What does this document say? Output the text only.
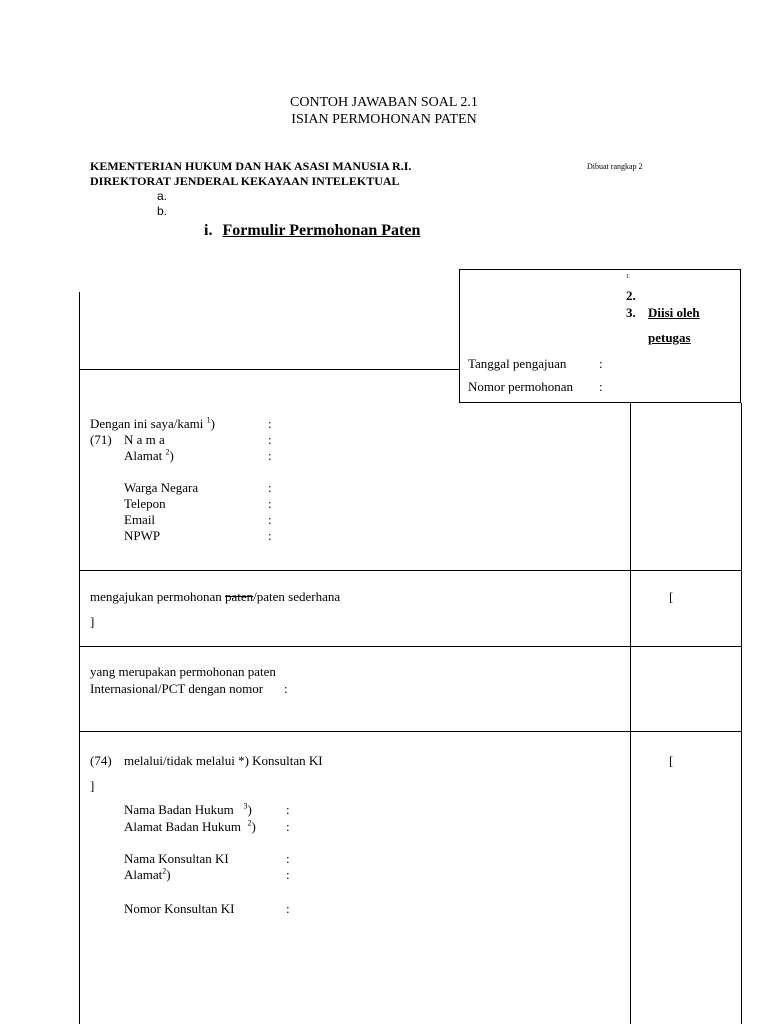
CONTOH JAWABAN SOAL 2.1
ISIAN PERMOHONAN PATEN
KEMENTERIAN HUKUM DAN HAK ASASI MANUSIA R.I.
DIREKTORAT JENDERAL KEKAYAAN INTELEKTUAL
Dibuat rangkap 2
a.
b.
i. Formulir Permohonan Paten
1.
2.
3. Diisi oleh
petugas
Tanggal pengajuan	:
Nomor permohonan :
Dengan ini saya/kami $^1$)	:
(71) N a m a	:
Alamat $^2$)	:
Warga Negara	:
Telepon	:
Email	:
NPWP	:
mengajukan permohonan paten/paten sederhana	[
]
yang merupakan permohonan paten
Internasional/PCT dengan nomor :
(74) melalui/tidak melalui *) Konsultan KI	[
]
Nama Badan Hukum $^3$)	:
Alamat Badan Hukum $^2$) :
Nama Konsultan KI	:
Alamat$^2$)	:
Nomor Konsultan KI	:
